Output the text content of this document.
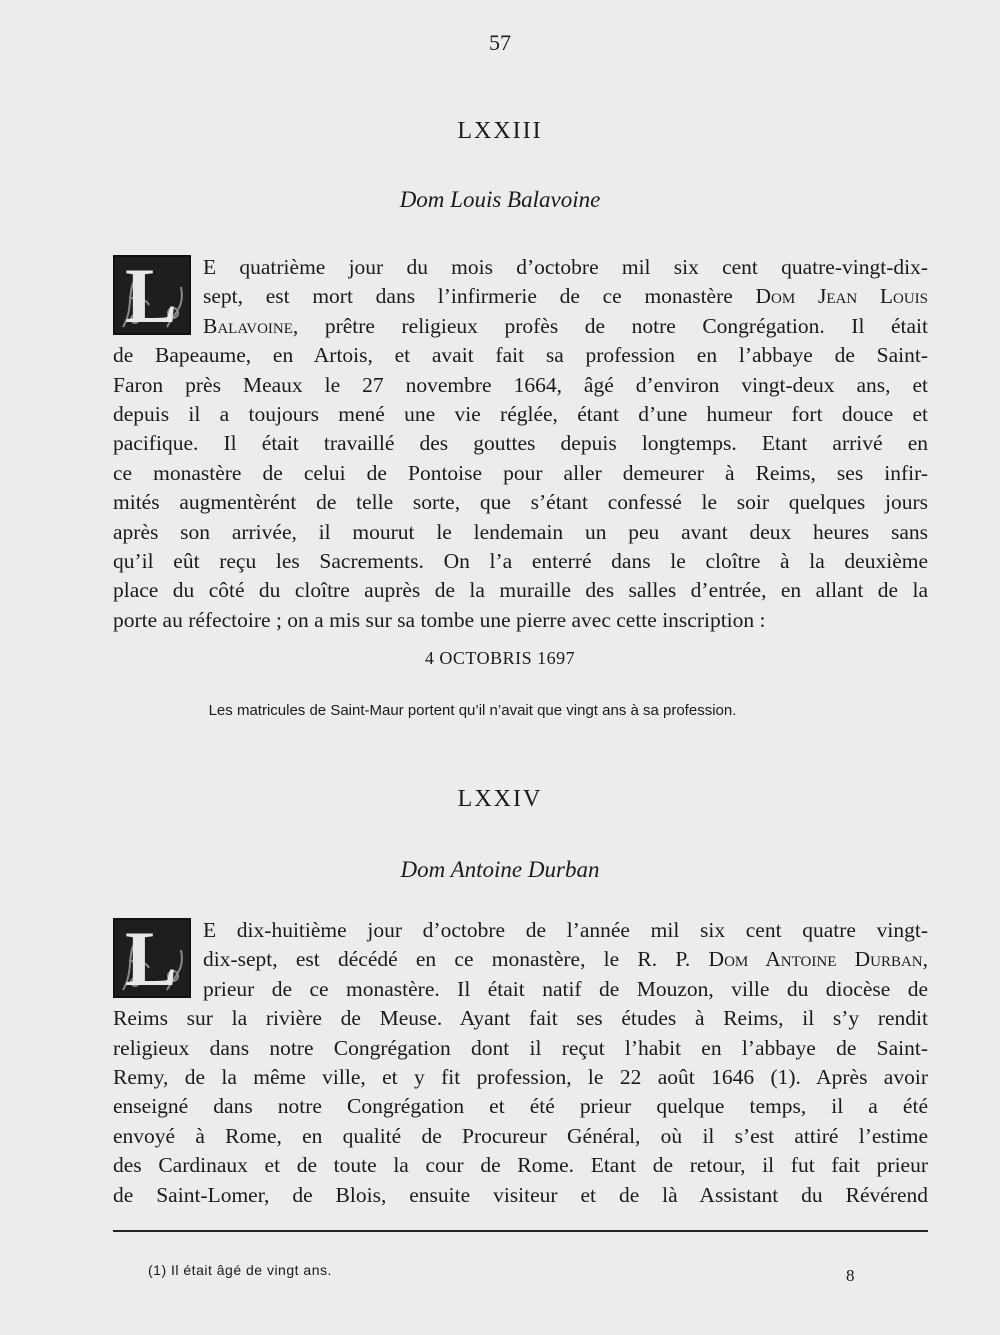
57
LXXIII
Dom Louis Balavoine
L	E quatrième jour du mois d’octobre mil six cent quatre-vingt-dix-
sept, est mort dans l’infirmerie de ce monastère Dom Jean Louis
Balavoine, prêtre religieux profès de notre Congrégation. Il était
de Bapeaume, en Artois, et avait fait sa profession en l’abbaye de Saint-
Faron près Meaux le 27 novembre 1664, âgé d’environ vingt-deux ans, et
depuis il a toujours mené une vie réglée, étant d’une humeur fort douce et
pacifique. Il était travaillé des gouttes depuis longtemps. Etant arrivé en
ce monastère de celui de Pontoise pour aller demeurer à Reims, ses infir-
mités augmentèrént de telle sorte, que s’étant confessé le soir quelques jours
après son arrivée, il mourut le lendemain un peu avant deux heures sans
qu’il eût reçu les Sacrements. On l’a enterré dans le cloître à la deuxième
place du côté du cloître auprès de la muraille des salles d’entrée, en allant de la
porte au réfectoire ; on a mis sur sa tombe une pierre avec cette inscription :
4 OCTOBRIS 1697
Les matricules de Saint-Maur portent qu’il n’avait que vingt ans à sa profession.
LXXIV
Dom Antoine Durban
L	E dix-huitième jour d’octobre de l’année mil six cent quatre vingt-
dix-sept, est décédé en ce monastère, le R. P. Dom Antoine Durban,
prieur de ce monastère. Il était natif de Mouzon, ville du diocèse de
Reims sur la rivière de Meuse. Ayant fait ses études à Reims, il s’y rendit
religieux dans notre Congrégation dont il reçut l’habit en l’abbaye de Saint-
Remy, de la même ville, et y fit profession, le 22 août 1646 (1). Après avoir
enseigné dans notre Congrégation et été prieur quelque temps, il a été
envoyé à Rome, en qualité de Procureur Général, où il s’est attiré l’estime
des Cardinaux et de toute la cour de Rome. Etant de retour, il fut fait prieur
de Saint-Lomer, de Blois, ensuite visiteur et de là Assistant du Révérend
(1) Il était âgé de vingt ans.	8
